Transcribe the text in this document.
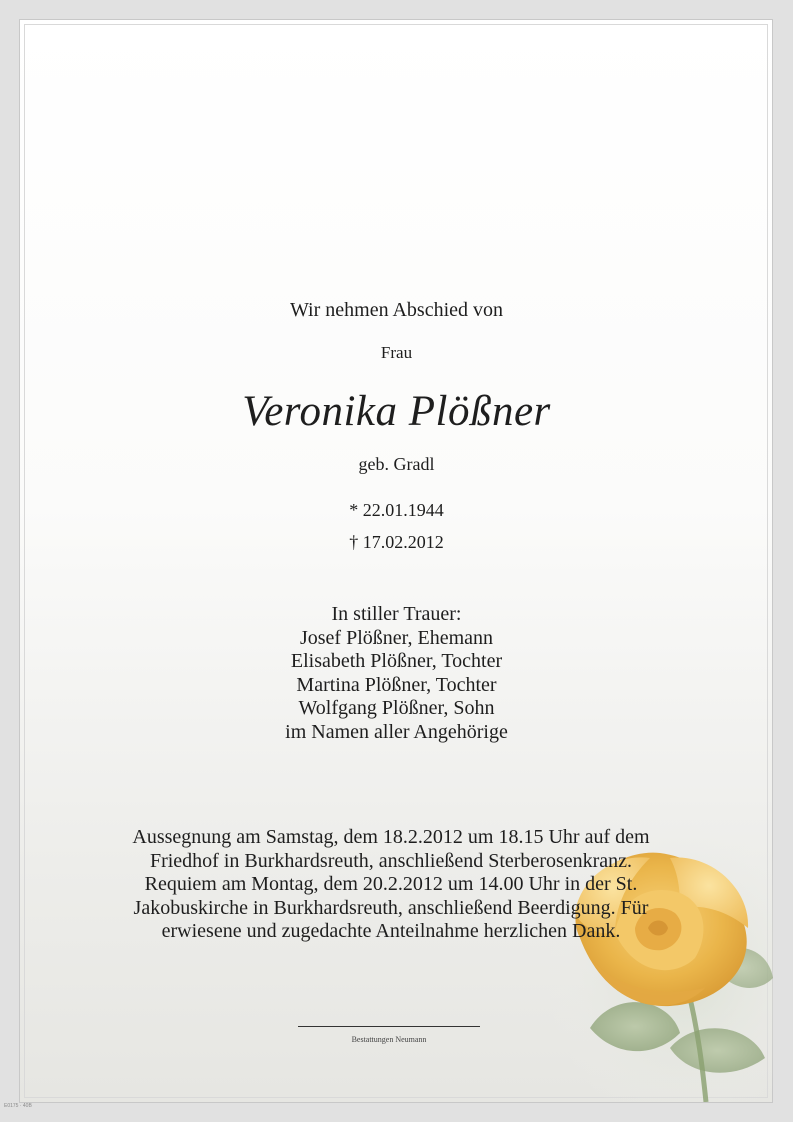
Wir nehmen Abschied von
Frau
Veronika Plößner
geb. Gradl
* 22.01.1944
† 17.02.2012
In stiller Trauer:
Josef Plößner, Ehemann
Elisabeth Plößner, Tochter
Martina Plößner, Tochter
Wolfgang Plößner, Sohn
im Namen aller Angehörige
Aussegnung am Samstag, dem 18.2.2012 um 18.15 Uhr auf dem
Friedhof in Burkhardsreuth, anschließend Sterberosenkranz.
Requiem am Montag, dem 20.2.2012 um 14.00 Uhr in der St.
Jakobuskirche in Burkhardsreuth, anschließend Beerdigung. Für
erwiesene und zugedachte Anteilnahme herzlichen Dank.
Bestattungen Neumann
E0175 · 40B
